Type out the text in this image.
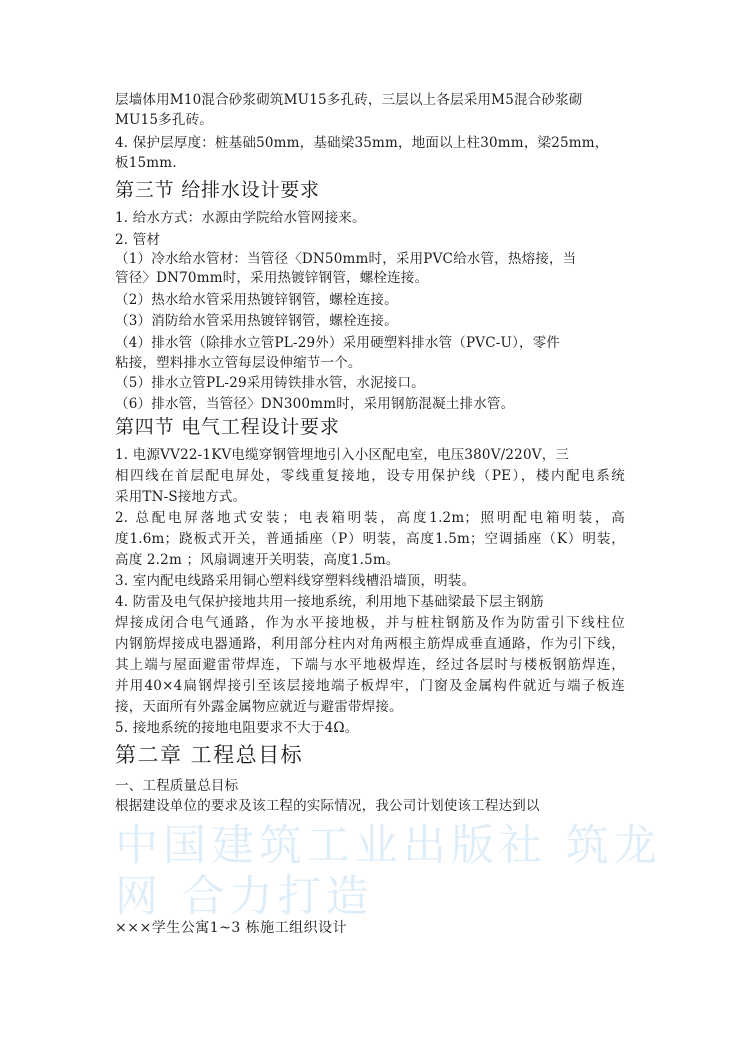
层墙体用M10混合砂浆砌筑MU15多孔砖，三层以上各层采用M5混合砂浆砌
MU15多孔砖。
4. 保护层厚度：桩基础50mm，基础梁35mm，地面以上柱30mm，梁25mm，
板15mm.
第三节 给排水设计要求
1. 给水方式：水源由学院给水管网接来。
2. 管材
（1）冷水给水管材：当管径〈DN50mm时，采用PVC给水管，热熔接，当
管径〉DN70mm时，采用热镀锌钢管，螺栓连接。
（2）热水给水管采用热镀锌钢管，螺栓连接。
（3）消防给水管采用热镀锌钢管，螺栓连接。
（4）排水管（除排水立管PL-29外）采用硬塑料排水管（PVC-U），零件
粘接，塑料排水立管每层设伸缩节一个。
（5）排水立管PL-29采用铸铁排水管，水泥接口。
（6）排水管，当管径〉DN300mm时，采用钢筋混凝土排水管。
第四节 电气工程设计要求
1. 电源VV22-1KV电缆穿钢管埋地引入小区配电室，电压380V/220V，三
相四线在首层配电屏处，零线重复接地，设专用保护线（PE），楼内配电系统
采用TN-S接地方式。
2. 总配电屏落地式安装；电表箱明装，高度1.2m；照明配电箱明装，高
度1.6m；跷板式开关，普通插座（P）明装，高度1.5m；空调插座（K）明装，
高度 2.2m ；风扇调速开关明装，高度1.5m。
3. 室内配电线路采用铜心塑料线穿塑料线槽沿墙顶，明装。
4. 防雷及电气保护接地共用一接地系统，利用地下基础梁最下层主钢筋
焊接成闭合电气通路，作为水平接地极，并与桩柱钢筋及作为防雷引下线柱位
内钢筋焊接成电器通路，利用部分柱内对角两根主筋焊成垂直通路，作为引下线，
其上端与屋面避雷带焊连，下端与水平地极焊连，经过各层时与楼板钢筋焊连，
并用40×4扁钢焊接引至该层接地端子板焊牢，门窗及金属构件就近与端子板连
接，天面所有外露金属物应就近与避雷带焊接。
5. 接地系统的接地电阻要求不大于4Ω。
第二章 工程总目标
一、工程质量总目标
根据建设单位的要求及该工程的实际情况，我公司计划使该工程达到以
中国建筑工业出版社 筑龙
网 合力打造
×××学生公寓1~3 栋施工组织设计
